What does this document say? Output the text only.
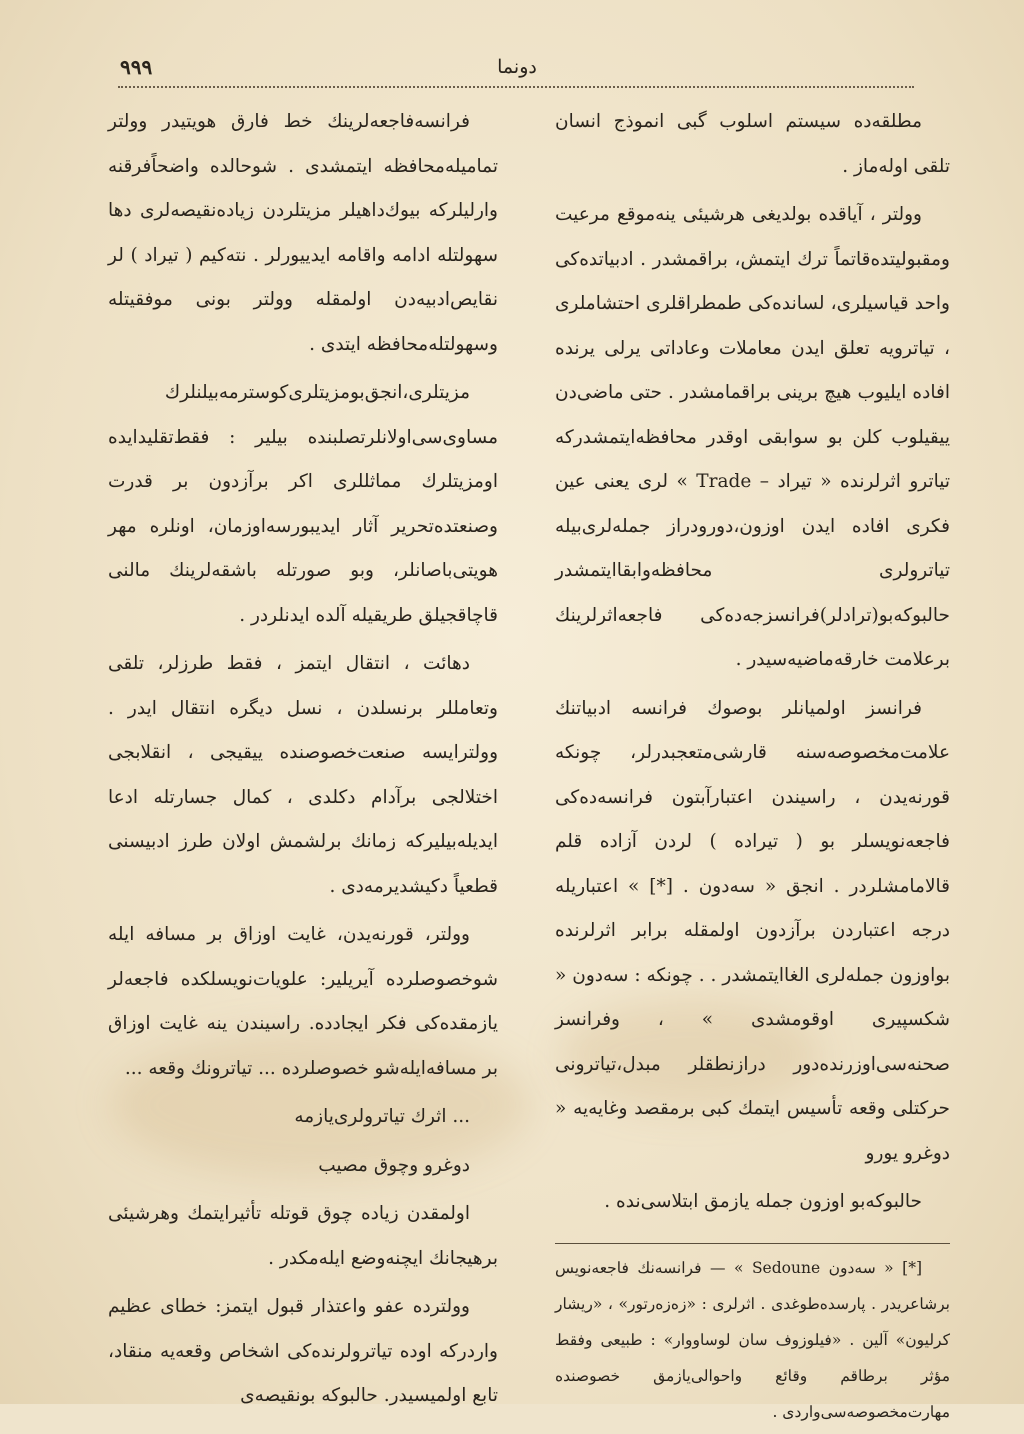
۹۹۹	دونما

مطلقه‌ده سیستم اسلوب گبی انموذج انسان تلقی اوله‌ماز .

وولتر ، آیاقده بولدیغی هرشیئی ینه‌موقع مرعیت ومقبولیتده‌قاتماً ترك ایتمش، براقمشدر . ادبیاتده‌کی واحد قیاسیلری، لسانده‌کی طمطراقلری احتشاملری ، تیاترویه تعلق ایدن معاملات وعاداتی یرلی یرنده افاده ایلیوب هیچ برینی براقمامشدر . حتی ماضی‌دن ییقیلوب کلن بو سوابقی اوقدر محافظه‌ایتمشدرکه تیاترو اثرلرنده « تیراد – Trade » لری یعنی عین فکری افاده ایدن اوزون،دورودراز جمله‌لری‌بیله تیاترولری محافظه‌وابقاایتمشدر حالبوکه‌بو(ترادلر)فرانسزجه‌ده‌کی فاجعه‌اثرلرینك برعلامت خارقه‌ماضیه‌سیدر .

فرانسز اولمیانلر بوصوك فرانسه ادبیاتنك علامت‌مخصوصه‌سنه قارشی‌متعجبدرلر، چونکه قورنه‌یدن ، راسیندن اعتبارآبتون فرانسه‌ده‌کی فاجعه‌نویسلر بو ( تیراده ) لردن آزاده قلم قالامامشلردر . انجق « سه‌دون . [*] » اعتباریله درجه اعتبار‌دن برآزدون اولمقله برابر اثرلرنده بواوزون جمله‌لری الغاایتمشدر . . چونکه : سه‌دون « شکسپیری اوقومشدی » ، وفرانسز صحنه‌سی‌اوزرنده‌دور درازنطقلر مبدل،تیاترونی حرکتلی وقعه تأسیس ایتمك کبی برمقصد وغایه‌یه « دوغرو یورو

حالبوکه‌بو اوزون جمله یازمق ابتلاسی‌نده .

[*] « سه‌دون Sedoune » — فرانسه‌نك فاجعه‌نویس برشاعریدر . پارسده‌طوغدی . اثرلری : «زه‌زه‌رتور» ، «ریشار کرلیون» آلین . «فیلوزوف سان لوساووار» : طبیعی وفقط مؤثر برطاقم وقائع واحوالی‌یازمق خصوصنده مهارت‌مخصوصه‌سی‌واردی .

فرانسه‌فاجعه‌لرینك خط فارق هویتیدر وولتر تمامیله‌محافظه ایتمشدی . شوحالده واضحاًفرقنه وارلیلرکه بیوك‌داهیلر مزیتلردن زیاده‌نقیصه‌لری دها سهولتله ادامه واقامه ایدییورلر . نته‌کیم ( تیراد ) لر نقایص‌ادبیه‌دن اولمقله وولتر بونی موفقیتله وسهولتله‌محافظه ایتدی .

مزیتلری،انجق‌بومزیتلری‌کوسترمه‌بیلنلرك مساوی‌سی‌اولانلرتصلبنده بیلیر : فقط‌تقلید‌ایده اومزیتلرك مماثللری اکر برآزدون بر قدرت وصنعتده‌تحریر آثار ایدیبورسه‌اوزمان، اونلره مهر هویتی‌باصانلر، وبو صورتله باشقه‌لرینك مالنی قاچاقجیلق طریقیله آلده ایدنلردر .

دهائت ، انتقال ایتمز ، فقط طرزلر، تلقی وتعامللر برنسلدن ، نسل دیگره انتقال ایدر . وولترایسه صنعت‌خصوصنده ییقیجی ، انقلابجی اختلالجی برآدام دکلدی ، کمال جسارتله ادعا ایدیله‌بیلیرکه زمانك برلشمش اولان طرز ادبیسنی قطعیاً دکیشدیرمه‌دی .

وولتر، قورنه‌یدن، غایت اوزاق بر مسافه ایله شوخصوصلرده آیریلیر: علویات‌نویسلکده فاجعه‌لر یازمقده‌کی فکر ایجادده. راسیندن ینه غایت اوزاق بر مسافه‌ایله‌شو خصوصلرده ... تیاترونك وقعه ...

... اثرك تیاترولری‌یازمه

دوغرو وچوق مصیب

اولمقدن زیاده چوق قوتله تأثیرایتمك وهرشیئی برهیجانك ایچنه‌وضع ایله‌مکدر .

وولترده عفو واعتذار قبول ایتمز: خطای عظیم واردرکه اوده تیاترولرنده‌کی اشخاص وقعه‌یه منقاد، تابع اولمیسیدر. حالبوکه بونقیصه‌ی
